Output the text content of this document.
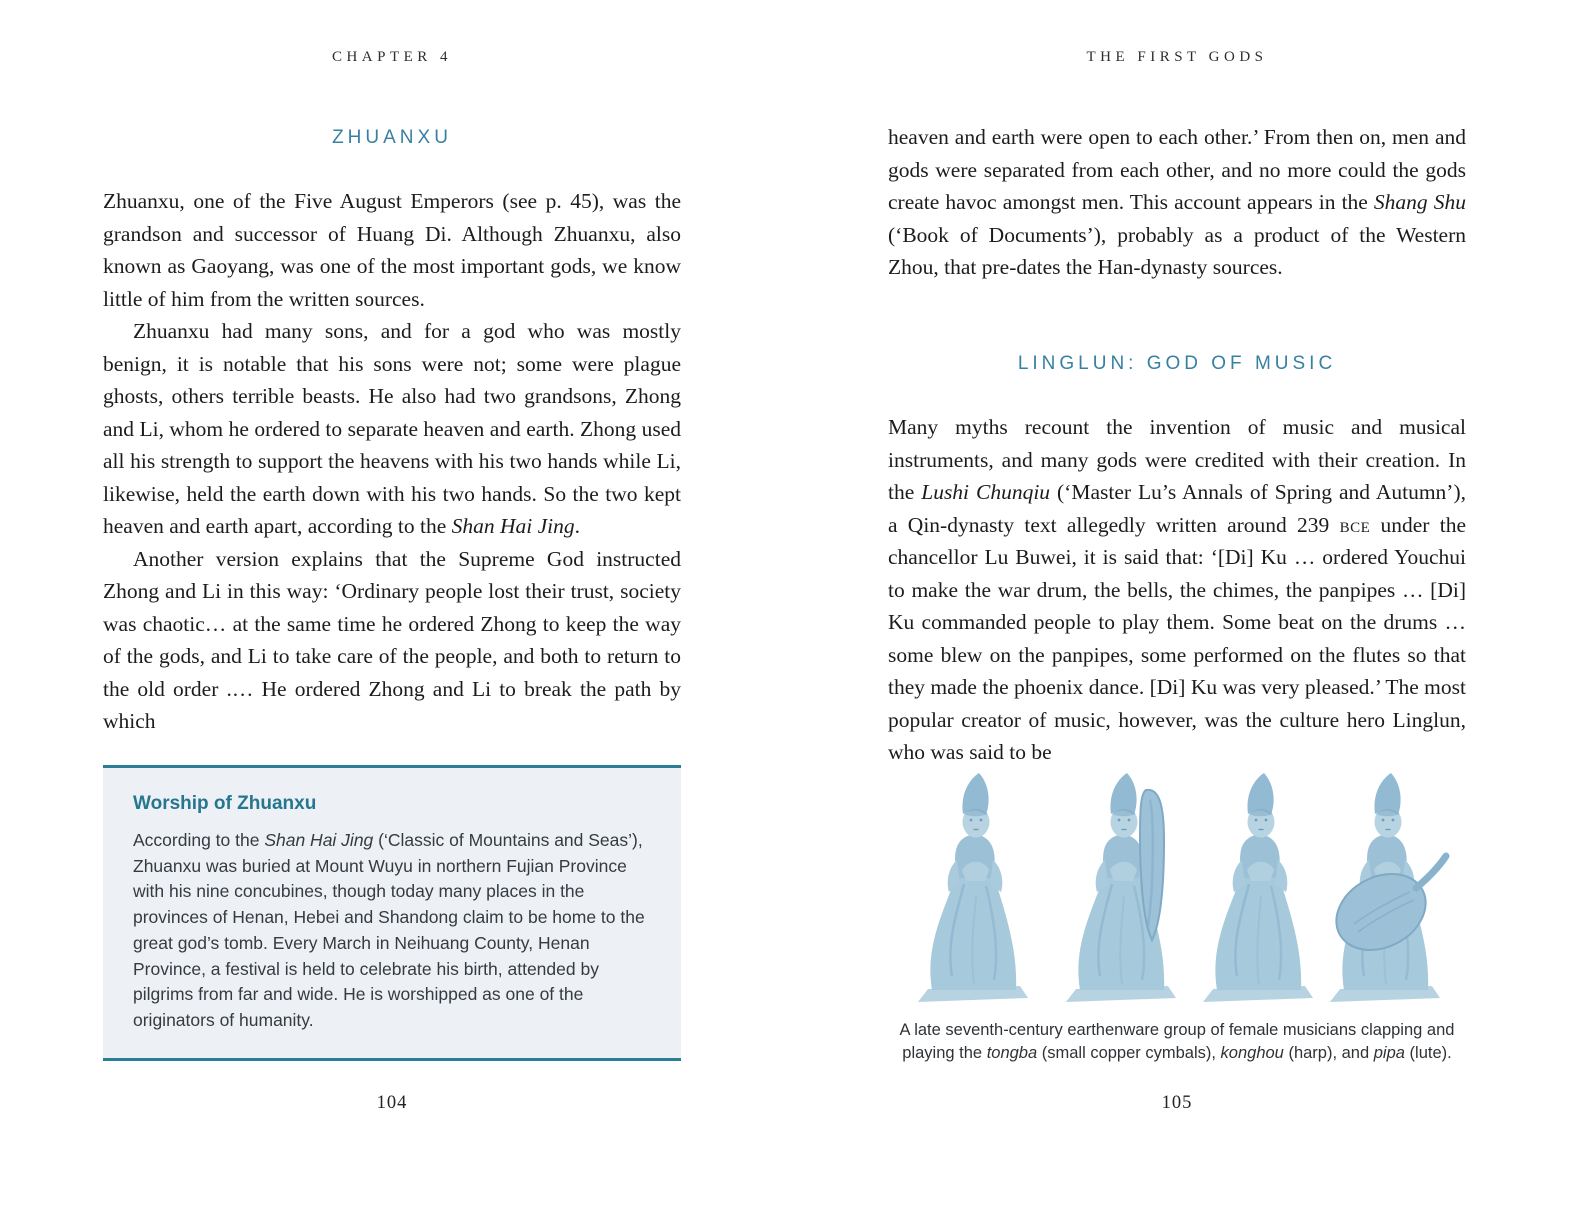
CHAPTER 4
ZHUANXU

Zhuanxu, one of the Five August Emperors (see p. 45), was the grandson and successor of Huang Di. Although Zhuanxu, also known as Gaoyang, was one of the most important gods, we know little of him from the written sources.

Zhuanxu had many sons, and for a god who was mostly benign, it is notable that his sons were not; some were plague ghosts, others terrible beasts. He also had two grandsons, Zhong and Li, whom he ordered to separate heaven and earth. Zhong used all his strength to support the heavens with his two hands while Li, likewise, held the earth down with his two hands. So the two kept heaven and earth apart, according to the Shan Hai Jing.

Another version explains that the Supreme God instructed Zhong and Li in this way: ‘Ordinary people lost their trust, society was chaotic… at the same time he ordered Zhong to keep the way of the gods, and Li to take care of the people, and both to return to the old order .… He ordered Zhong and Li to break the path by which

Worship of Zhuanxu

According to the Shan Hai Jing (‘Classic of Mountains and Seas’), Zhuanxu was buried at Mount Wuyu in northern Fujian Province with his nine concubines, though today many places in the provinces of Henan, Hebei and Shandong claim to be home to the great god’s tomb. Every March in Neihuang County, Henan Province, a festival is held to celebrate his birth, attended by pilgrims from far and wide. He is worshipped as one of the originators of humanity.

104
THE FIRST GODS

heaven and earth were open to each other.’ From then on, men and gods were separated from each other, and no more could the gods create havoc amongst men. This account appears in the Shang Shu (‘Book of Documents’), probably as a product of the Western Zhou, that pre-dates the Han-dynasty sources.

LINGLUN: GOD OF MUSIC

Many myths recount the invention of music and musical instruments, and many gods were credited with their creation. In the Lushi Chunqiu (‘Master Lu’s Annals of Spring and Autumn’), a Qin-dynasty text allegedly written around 239 bce under the chancellor Lu Buwei, it is said that: ‘[Di] Ku … ordered Youchui to make the war drum, the bells, the chimes, the panpipes … [Di] Ku commanded people to play them. Some beat on the drums … some blew on the panpipes, some performed on the flutes so that they made the phoenix dance. [Di] Ku was very pleased.’ The most popular creator of music, however, was the culture hero Linglun, who was said to be

A late seventh-century earthenware group of female musicians clapping and playing the tongba (small copper cymbals), konghou (harp), and pipa (lute).
105
